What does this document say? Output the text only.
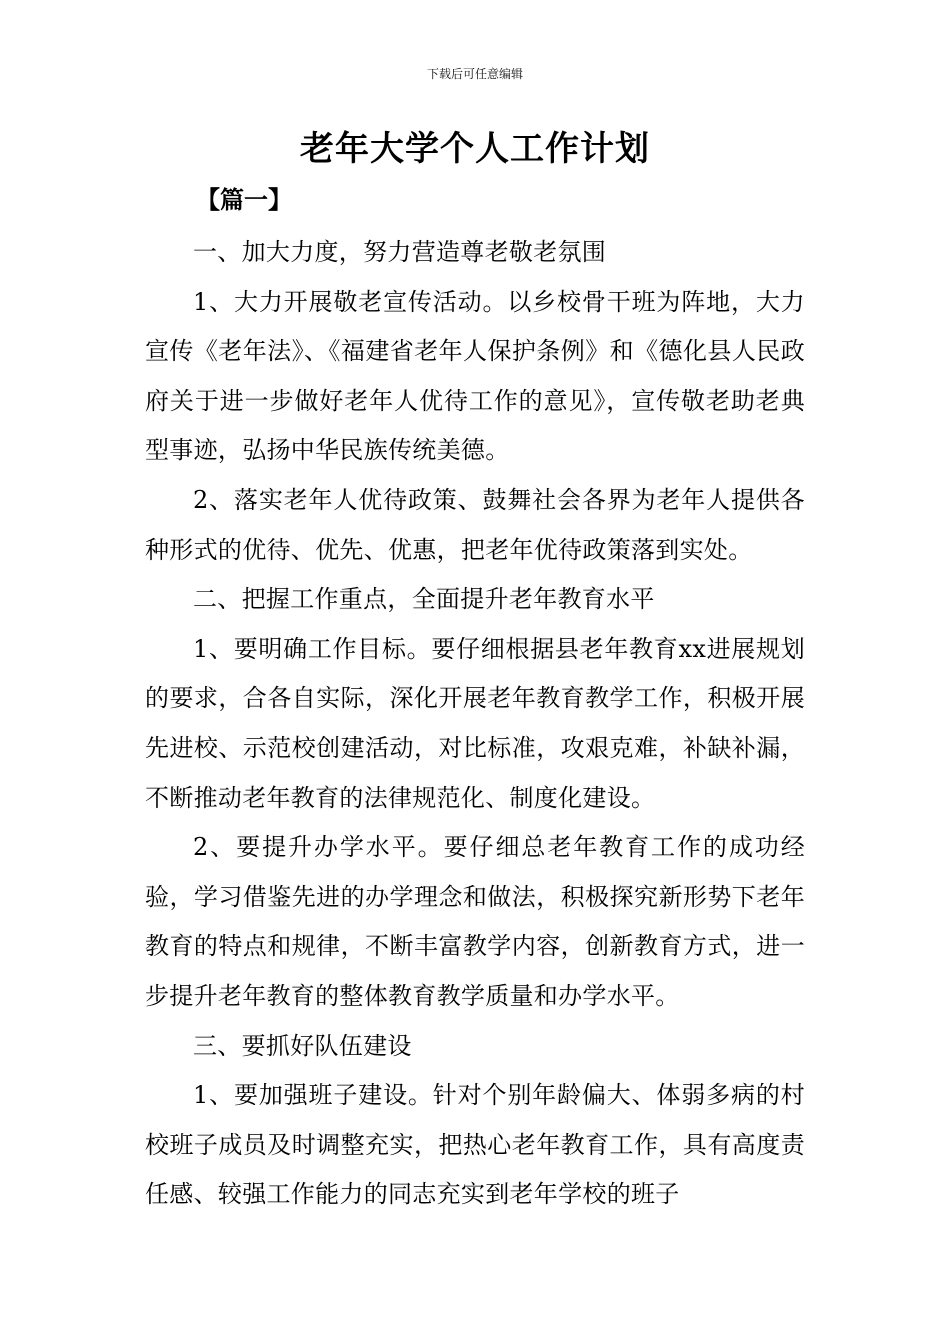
下载后可任意编辑
老年大学个人工作计划
【篇一】

一、加大力度，努力营造尊老敬老氛围

1、大力开展敬老宣传活动。以乡校骨干班为阵地，大力宣传《老年法》、《福建省老年人保护条例》和《德化县人民政府关于进一步做好老年人优待工作的意见》，宣传敬老助老典型事迹，弘扬中华民族传统美德。

2、落实老年人优待政策、鼓舞社会各界为老年人提供各种形式的优待、优先、优惠，把老年优待政策落到实处。

二、把握工作重点，全面提升老年教育水平

1、要明确工作目标。要仔细根据县老年教育xx进展规划的要求，合各自实际，深化开展老年教育教学工作，积极开展先进校、示范校创建活动，对比标准，攻艰克难，补缺补漏，不断推动老年教育的法律规范化、制度化建设。

2、要提升办学水平。要仔细总老年教育工作的成功经验，学习借鉴先进的办学理念和做法，积极探究新形势下老年教育的特点和规律，不断丰富教学内容，创新教育方式，进一步提升老年教育的整体教育教学质量和办学水平。

三、要抓好队伍建设

1、要加强班子建设。针对个别年龄偏大、体弱多病的村校班子成员及时调整充实，把热心老年教育工作，具有高度责任感、较强工作能力的同志充实到老年学校的班子
